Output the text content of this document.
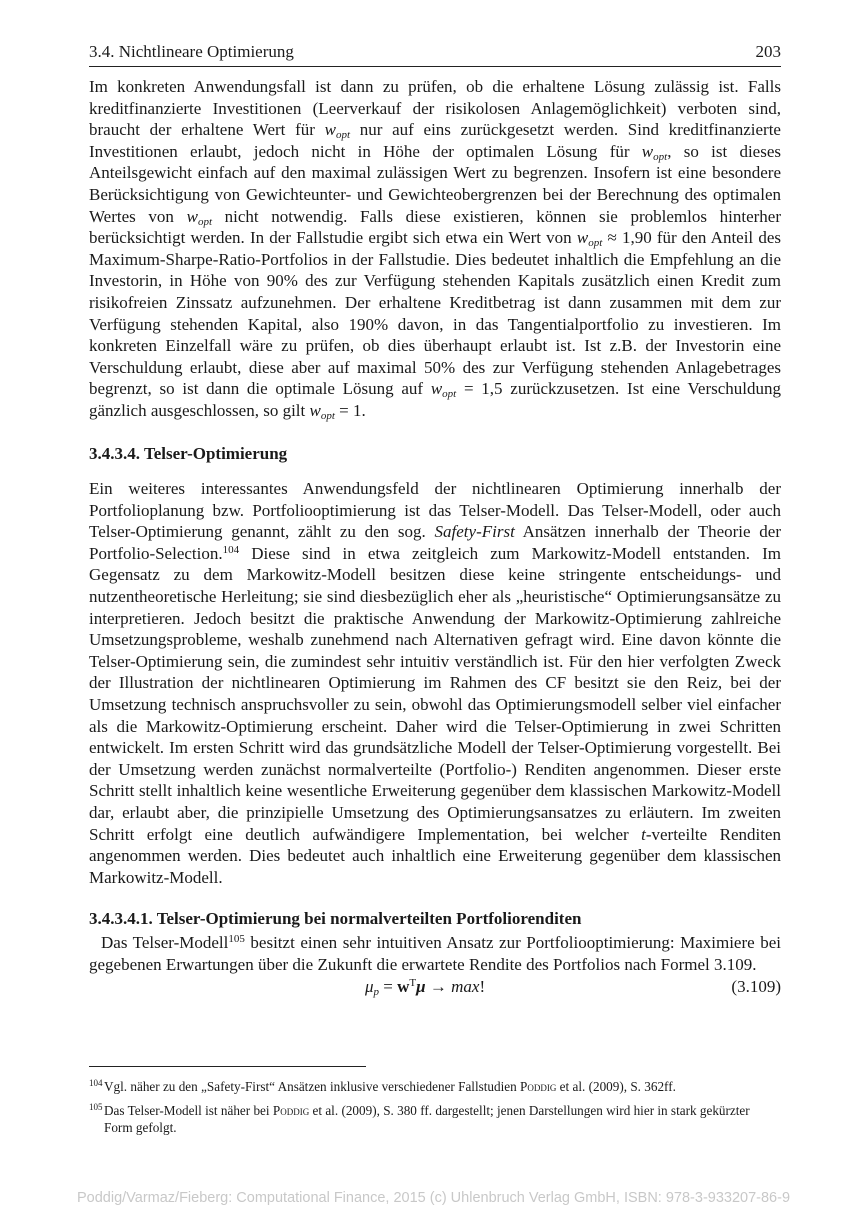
3.4. Nichtlineare Optimierung	203

Im konkreten Anwendungsfall ist dann zu prüfen, ob die erhaltene Lösung zulässig ist. Falls kreditfinanzierte Investitionen (Leerverkauf der risikolosen Anlagemöglichkeit) verboten sind, braucht der erhaltene Wert für $w_{opt}$ nur auf eins zurückgesetzt werden. Sind kreditfinanzierte Investitionen erlaubt, jedoch nicht in Höhe der optimalen Lösung für $w_{opt}$, so ist dieses Anteilsgewicht einfach auf den maximal zulässigen Wert zu begrenzen. Insofern ist eine besondere Berücksichtigung von Gewichteunter- und Gewichteobergrenzen bei der Berechnung des optimalen Wertes von $w_{opt}$ nicht notwendig. Falls diese existieren, können sie problemlos hinterher berücksichtigt werden. In der Fallstudie ergibt sich etwa ein Wert von $w_{opt} \approx 1,90$ für den Anteil des Maximum-Sharpe-Ratio-Portfolios in der Fallstudie. Dies bedeutet inhaltlich die Empfehlung an die Investorin, in Höhe von 90% des zur Verfügung stehenden Kapitals zusätzlich einen Kredit zum risikofreien Zinssatz aufzunehmen. Der erhaltene Kreditbetrag ist dann zusammen mit dem zur Verfügung stehenden Kapital, also 190% davon, in das Tangentialportfolio zu investieren. Im konkreten Einzelfall wäre zu prüfen, ob dies überhaupt erlaubt ist. Ist z.B. der Investorin eine Verschuldung erlaubt, diese aber auf maximal 50% des zur Verfügung stehenden Anlagebetrages begrenzt, so ist dann die optimale Lösung auf $w_{opt} = 1,5$ zurückzusetzen. Ist eine Verschuldung gänzlich ausgeschlossen, so gilt $w_{opt} = 1$.

3.4.3.4. Telser-Optimierung

Ein weiteres interessantes Anwendungsfeld der nichtlinearen Optimierung innerhalb der Portfolioplanung bzw. Portfoliooptimierung ist das Telser-Modell. Das Telser-Modell, oder auch Telser-Optimierung genannt, zählt zu den sog. Safety-First Ansätzen innerhalb der Theorie der Portfolio-Selection.$^{104}$ Diese sind in etwa zeitgleich zum Markowitz-Modell entstanden. Im Gegensatz zu dem Markowitz-Modell besitzen diese keine stringente entscheidungs- und nutzentheoretische Herleitung; sie sind diesbezüglich eher als „heuristische“ Optimierungsansätze zu interpretieren. Jedoch besitzt die praktische Anwendung der Markowitz-Optimierung zahlreiche Umsetzungsprobleme, weshalb zunehmend nach Alternativen gefragt wird. Eine davon könnte die Telser-Optimierung sein, die zumindest sehr intuitiv verständlich ist. Für den hier verfolgten Zweck der Illustration der nichtlinearen Optimierung im Rahmen des CF besitzt sie den Reiz, bei der Umsetzung technisch anspruchsvoller zu sein, obwohl das Optimierungsmodell selber viel einfacher als die Markowitz-Optimierung erscheint. Daher wird die Telser-Optimierung in zwei Schritten entwickelt. Im ersten Schritt wird das grundsätzliche Modell der Telser-Optimierung vorgestellt. Bei der Umsetzung werden zunächst normalverteilte (Portfolio-) Renditen angenommen. Dieser erste Schritt stellt inhaltlich keine wesentliche Erweiterung gegenüber dem klassischen Markowitz-Modell dar, erlaubt aber, die prinzipielle Umsetzung des Optimierungsansatzes zu erläutern. Im zweiten Schritt erfolgt eine deutlich aufwändigere Implementation, bei welcher t-verteilte Renditen angenommen werden. Dies bedeutet auch inhaltlich eine Erweiterung gegenüber dem klassischen Markowitz-Modell.

3.4.3.4.1. Telser-Optimierung bei normalverteilten Portfoliorenditen

Das Telser-Modell$^{105}$ besitzt einen sehr intuitiven Ansatz zur Portfoliooptimierung: Maximiere bei gegebenen Erwartungen über die Zukunft die erwartete Rendite des Portfolios nach Formel 3.109.

$\mu_p = w^T\mu \to \max$!	(3.109)
104 Vgl. näher zu den „Safety-First“ Ansätzen inklusive verschiedener Fallstudien Poddig et al. (2009), S. 362ff.
105 Das Telser-Modell ist näher bei Poddig et al. (2009), S. 380 ff. dargestellt; jenen Darstellungen wird hier in stark gekürzter Form gefolgt.
Poddig/Varmaz/Fieberg: Computational Finance, 2015 (c) Uhlenbruch Verlag GmbH, ISBN: 978-3-933207-86-9
